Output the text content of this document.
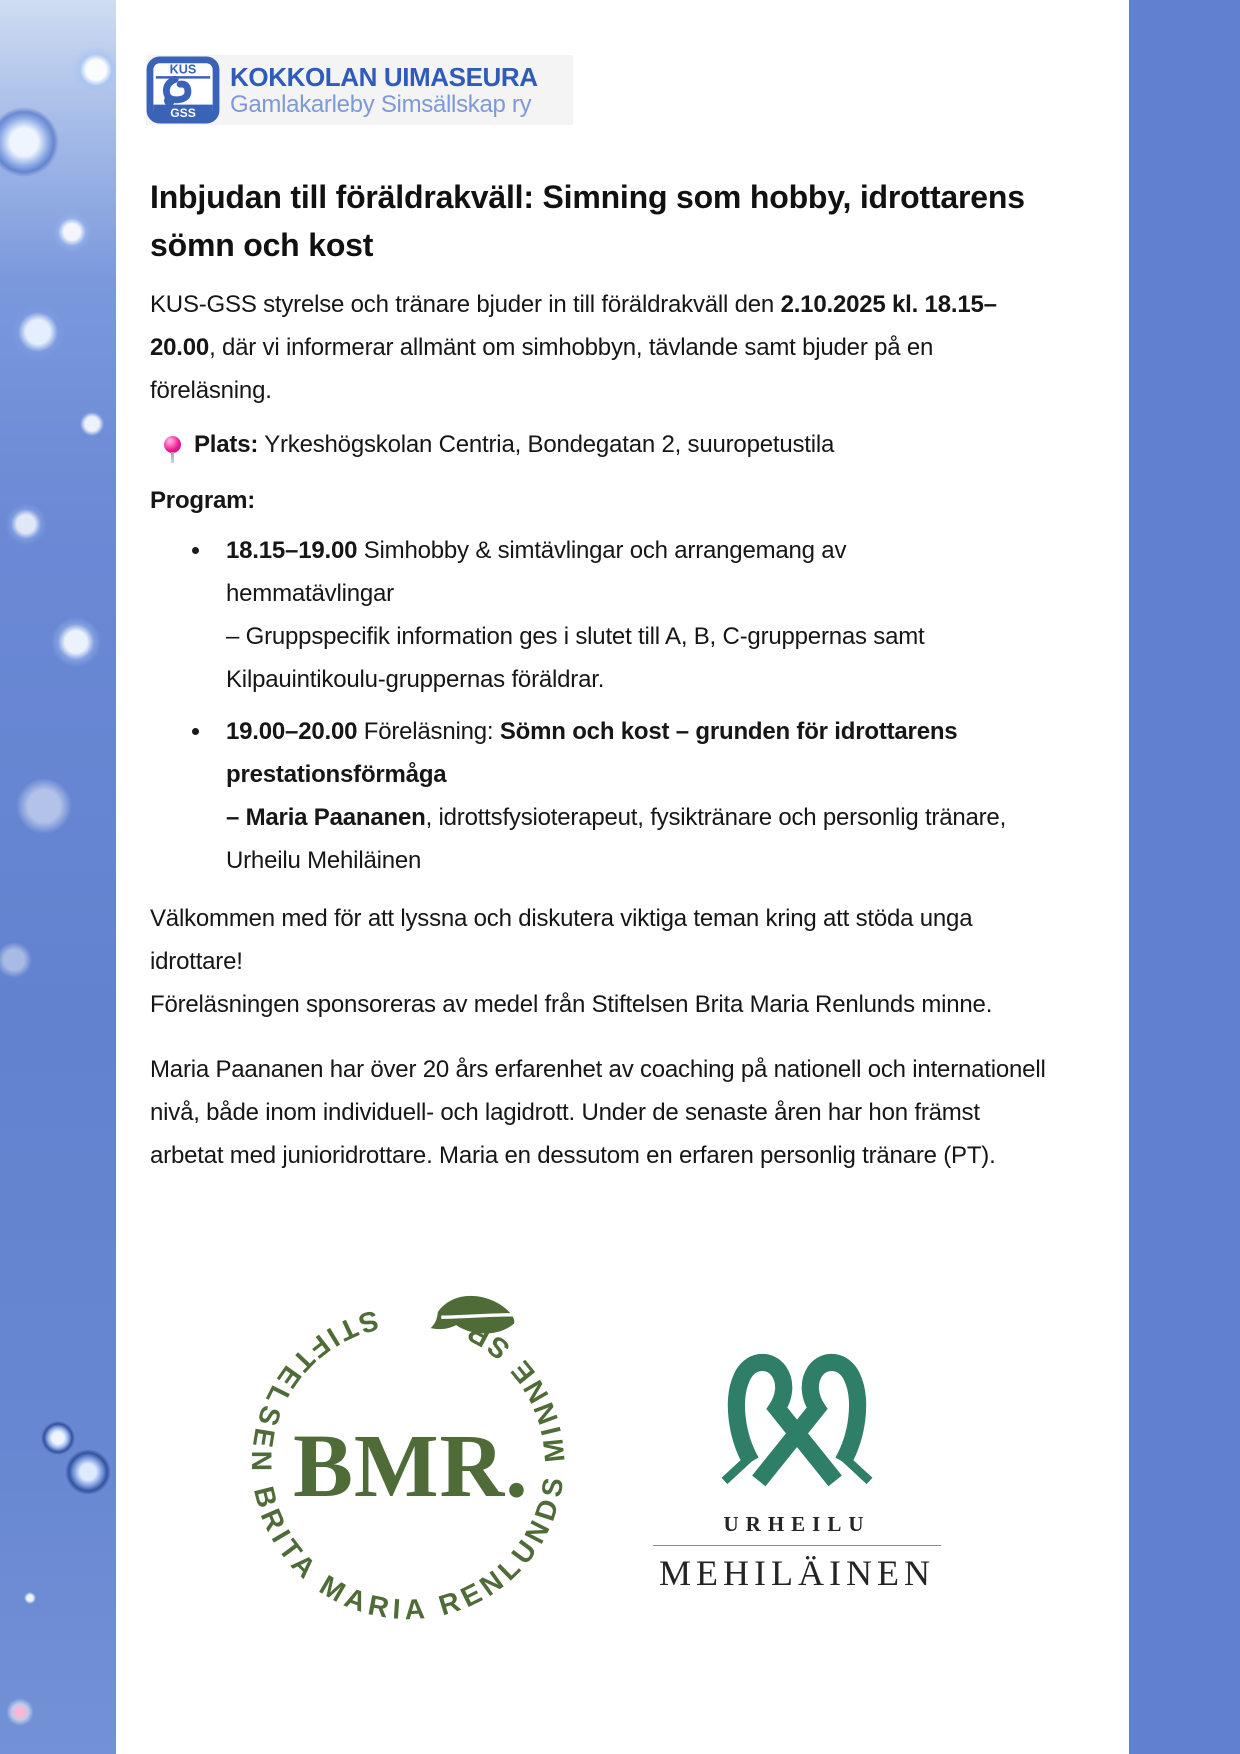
KUS
GSS
KOKKOLAN UIMASEURA
Gamlakarleby Simsällskap ry
Inbjudan till föräldrakväll: Simning som hobby, idrottarens sömn och kost

KUS-GSS styrelse och tränare bjuder in till föräldrakväll den 2.10.2025 kl. 18.15–20.00, där vi informerar allmänt om simhobbyn, tävlande samt bjuder på en föreläsning.

Plats: Yrkeshögskolan Centria, Bondegatan 2, suuropetustila

Program:

18.15–19.00 Simhobby & simtävlingar och arrangemang av hemmatävlingar
– Gruppspecifik information ges i slutet till A, B, C-gruppernas samt Kilpauintikoulu-gruppernas föräldrar.
19.00–20.00 Föreläsning: Sömn och kost – grunden för idrottarens prestationsförmåga
– Maria Paananen, idrottsfysioterapeut, fysiktränare och personlig tränare, Urheilu Mehiläinen

Välkommen med för att lyssna och diskutera viktiga teman kring att stöda unga idrottare!
Föreläsningen sponsoreras av medel från Stiftelsen Brita Maria Renlunds minne.

Maria Paananen har över 20 års erfarenhet av coaching på nationell och internationell nivå, både inom individuell- och lagidrott. Under de senaste åren har hon främst arbetat med junioridrottare. Maria en dessutom en erfaren personlig tränare (PT).

STIFTELSEN BRITA MARIA RENLUNDS MINNE SR
BMR.
URHEILU
MEHILÄINEN
